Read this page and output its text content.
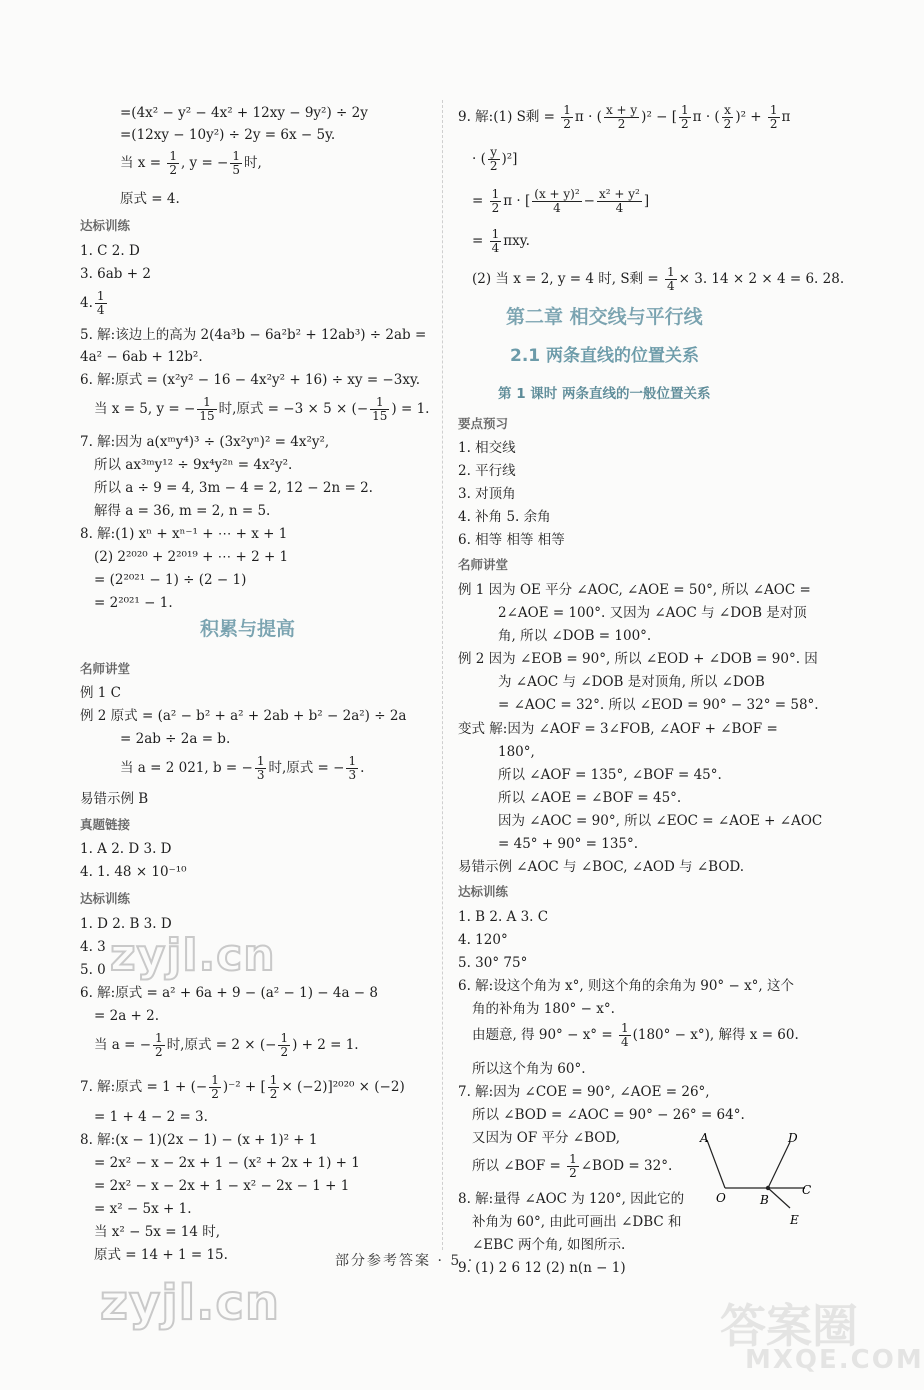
=(4x² − y² − 4x² + 12xy − 9y²) ÷ 2y
=(12xy − 10y²) ÷ 2y = 6x − 5y.
当 $x = \frac{1}{2}$ , y = − $\frac{1}{5}$ 时,
原式 = 4.
达标训练
1. C 2. D
3. 6ab + 2
4. $\frac{1}{4}$
5. 解:该边上的高为 2(4a³b − 6a²b² + 12ab³) ÷ 2ab =
4a² − 6ab + 12b².
6. 解:原式 = (x²y² − 16 − 4x²y² + 16) ÷ xy = −3xy.
当 x = 5, y = − $\frac{1}{15}$ 时,原式 = −3 × 5 × (− $\frac{1}{15}$ ) = 1.
7. 解:因为 a(xᵐy⁴)³ ÷ (3x²yⁿ)² = 4x²y²,
所以 ax³ᵐy¹² ÷ 9x⁴y²ⁿ = 4x²y².
所以 a ÷ 9 = 4, 3m − 4 = 2, 12 − 2n = 2.
解得 a = 36, m = 2, n = 5.
8. 解:(1) xⁿ + xⁿ⁻¹ + ⋯ + x + 1
(2) 2²⁰²⁰ + 2²⁰¹⁹ + ⋯ + 2 + 1
= (2²⁰²¹ − 1) ÷ (2 − 1)
= 2²⁰²¹ − 1.
积累与提高
名师讲堂
例 1 C
例 2 原式 = (a² − b² + a² + 2ab + b² − 2a²) ÷ 2a
= 2ab ÷ 2a = b.
当 a = 2 021, b = − $\frac{1}{3}$ 时,原式 = − $\frac{1}{3}$ .
易错示例 B
真题链接
1. A 2. D 3. D
4. 1. 48 × 10⁻¹⁰
达标训练
1. D 2. B 3. D
4. 3
5. 0
6. 解:原式 = a² + 6a + 9 − (a² − 1) − 4a − 8
= 2a + 2.
当 a = − $\frac{1}{2}$ 时,原式 = 2 × (− $\frac{1}{2}$ ) + 2 = 1.
7. 解:原式 = 1 + (− $\frac{1}{2} )^{-2}$ + [ $\frac{1}{2} \times (-2)]^{2020} \times (-2)$
= 1 + 4 − 2 = 3.
8. 解:(x − 1)(2x − 1) − (x + 1)² + 1
= 2x² − x − 2x + 1 − (x² + 2x + 1) + 1
= 2x² − x − 2x + 1 − x² − 2x − 1 + 1
= x² − 5x + 1.
当 x² − 5x = 14 时,
原式 = 14 + 1 = 15.
9. 解:(1) S剩 = $\frac{1}{2}$ π · ( $\frac{x + y}{2} )^2$ − [ $\frac{1}{2}$ π · ( $\frac{x}{2} )^2 + \frac{1}{2}$ π
· ( $\frac{y}{2} )^2$]
= $\frac{1}{2}$ π · [ $\frac{\text{(x + y)²}}{4} - \frac{\text{x² + y²}}{4}$ ]
= $\frac{1}{4} \pi xy$.
(2) 当 x = 2, y = 4 时, S剩 = $\frac{1}{4} \times 3$. 14 × 2 × 4 = 6. 28.
第二章 相交线与平行线
2.1 两条直线的位置关系
第 1 课时 两条直线的一般位置关系
要点预习
1. 相交线
2. 平行线
3. 对顶角
4. 补角 5. 余角
6. 相等 相等 相等
名师讲堂
例 1 因为 OE 平分 ∠AOC, ∠AOE = 50°, 所以 ∠AOC =
2∠AOE = 100°. 又因为 ∠AOC 与 ∠DOB 是对顶
角, 所以 ∠DOB = 100°.
例 2 因为 ∠EOB = 90°, 所以 ∠EOD + ∠DOB = 90°. 因
为 ∠AOC 与 ∠DOB 是对顶角, 所以 ∠DOB
= ∠AOC = 32°. 所以 ∠EOD = 90° − 32° = 58°.
变式 解:因为 ∠AOF = 3∠FOB, ∠AOF + ∠BOF =
180°,
所以 ∠AOF = 135°, ∠BOF = 45°.
所以 ∠AOE = ∠BOF = 45°.
因为 ∠AOC = 90°, 所以 ∠EOC = ∠AOE + ∠AOC
= 45° + 90° = 135°.
易错示例 ∠AOC 与 ∠BOC, ∠AOD 与 ∠BOD.
达标训练
1. B 2. A 3. C
4. 120°
5. 30° 75°
6. 解:设这个角为 x°, 则这个角的余角为 90° − x°, 这个
角的补角为 180° − x°.
由题意, 得 $90^\circ - x^\circ = \frac{1}{4} (180^\circ - x^\circ)$, 解得 x = 60.
所以这个角为 60°.
7. 解:因为 ∠COE = 90°, ∠AOE = 26°,
所以 ∠BOD = ∠AOC = 90° − 26° = 64°.
又因为 OF 平分 ∠BOD,
所以 ∠BOF = $\frac{1}{2}$ ∠BOD = 32°.
8. 解:量得 ∠AOC 为 120°, 因此它的
补角为 60°, 由此可画出 ∠DBC 和
∠EBC 两个角, 如图所示.
9. (1) 2 6 12 (2) n(n − 1)
A	D
O	B
C
E
zyjl.cn
zyjl.cn	答案圈
MXQE.COM
部分参考答案 · 5 ·
